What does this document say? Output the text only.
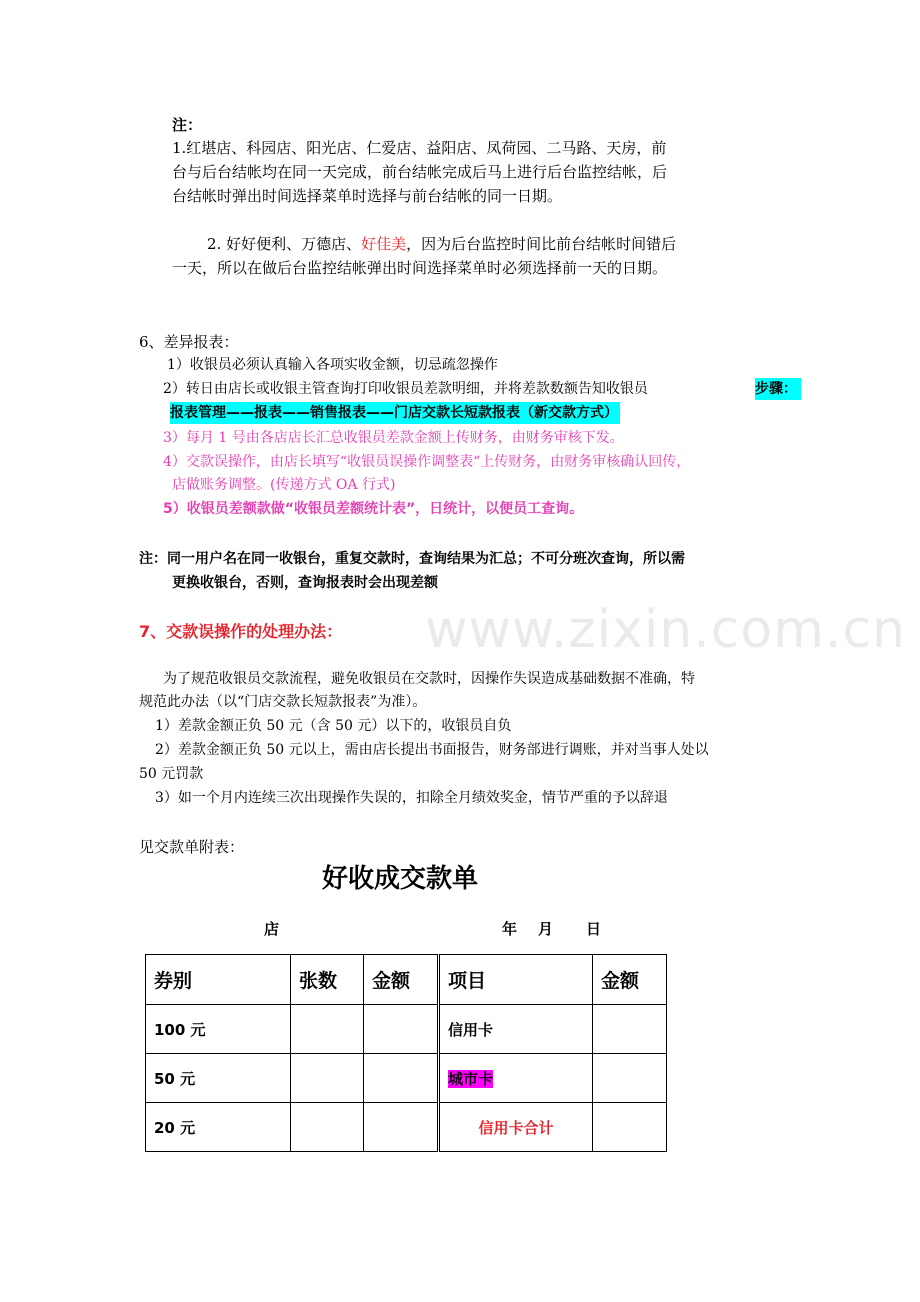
www.zixin.com.cn

注：

1.红堪店、科园店、阳光店、仁爱店、益阳店、凤荷园、二马路、天房，前

台与后台结帐均在同一天完成，前台结帐完成后马上进行后台监控结帐，后

台结帐时弹出时间选择菜单时选择与前台结帐的同一日期。

2. 好好便利、万德店、好佳美，因为后台监控时间比前台结帐时间错后

一天，所以在做后台监控结帐弹出时间选择菜单时必须选择前一天的日期。

6、差异报表：

1）收银员必须认真输入各项实收金额，切忌疏忽操作

2）转日由店长或收银主管查询打印收银员差款明细，并将差款数额告知收银员	步骤：

报表管理——报表——销售报表——门店交款长短款报表（新交款方式）

3）每月 1 号由各店店长汇总收银员差款金额上传财务，由财务审核下发。

4）交款误操作，由店长填写“收银员误操作调整表“上传财务，由财务审核确认回传，

店做账务调整。(传递方式 OA 行式)

5）收银员差额款做“收银员差额统计表”，日统计，以便员工查询。

注：同一用户名在同一收银台，重复交款时，查询结果为汇总；不可分班次查询，所以需

更换收银台，否则，查询报表时会出现差额

7、交款误操作的处理办法：

为了规范收银员交款流程，避免收银员在交款时，因操作失误造成基础数据不准确，特

规范此办法（以“门店交款长短款报表”为准）。

1）差款金额正负 50 元（含 50 元）以下的，收银员自负

2）差款金额正负 50 元以上，需由店长提出书面报告，财务部进行调账，并对当事人处以

50 元罚款

3）如一个月内连续三次出现操作失误的，扣除全月绩效奖金，情节严重的予以辞退

见交款单附表：

好收成交款单

店	年 月 日

券别	张数	金额		项目	金额
100 元				信用卡	
50 元				城市卡	
20 元				信用卡合计	
